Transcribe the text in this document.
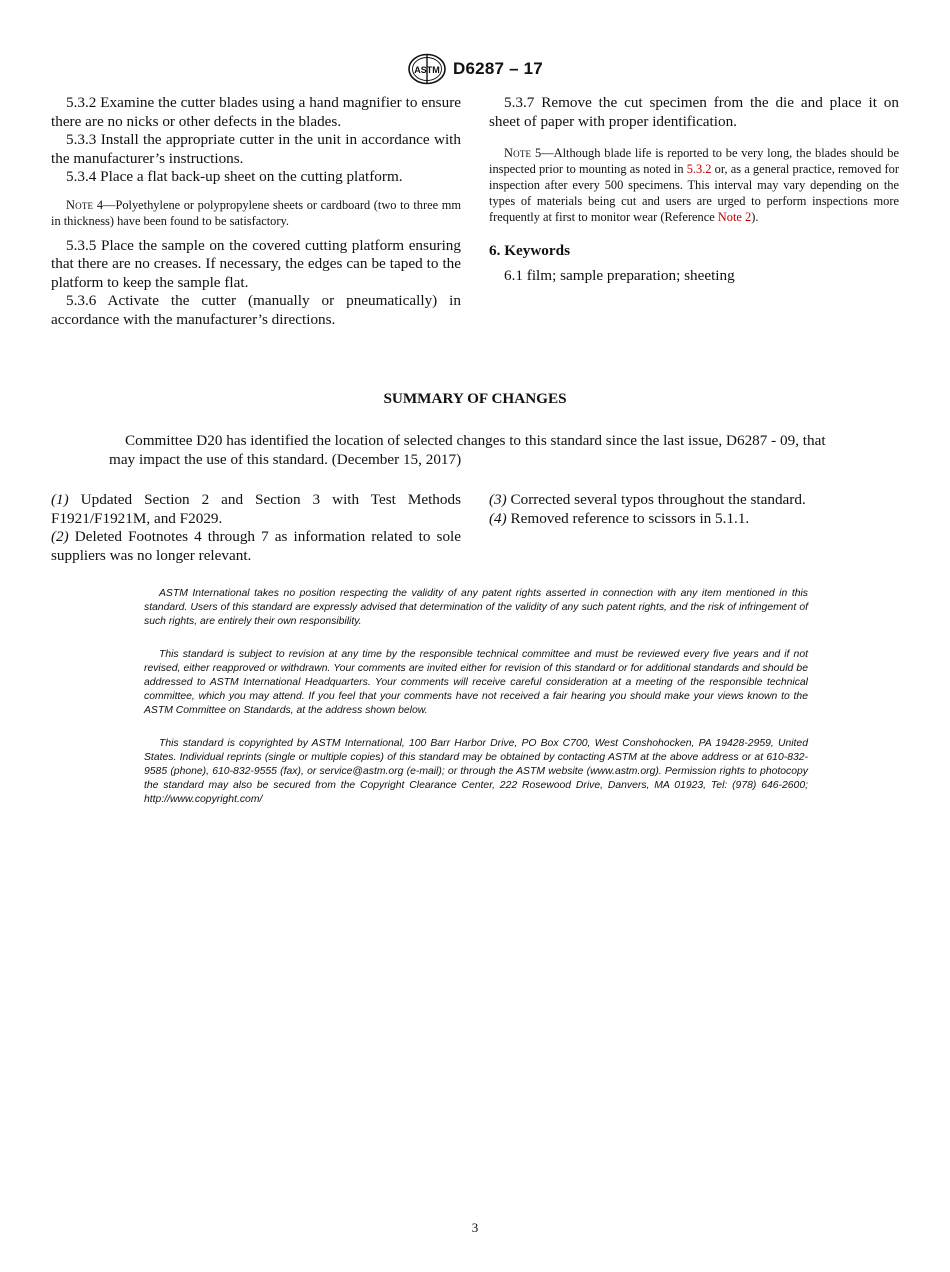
ASTM D6287 – 17

5.3.2 Examine the cutter blades using a hand magnifier to ensure there are no nicks or other defects in the blades.

5.3.3 Install the appropriate cutter in the unit in accordance with the manufacturer’s instructions.

5.3.4 Place a flat back-up sheet on the cutting platform.

Note 4—Polyethylene or polypropylene sheets or cardboard (two to three mm in thickness) have been found to be satisfactory.

5.3.5 Place the sample on the covered cutting platform ensuring that there are no creases. If necessary, the edges can be taped to the platform to keep the sample flat.

5.3.6 Activate the cutter (manually or pneumatically) in accordance with the manufacturer’s directions.

5.3.7 Remove the cut specimen from the die and place it on sheet of paper with proper identification.

Note 5—Although blade life is reported to be very long, the blades should be inspected prior to mounting as noted in 5.3.2 or, as a general practice, removed for inspection after every 500 specimens. This interval may vary depending on the types of materials being cut and users are urged to perform inspections more frequently at first to monitor wear (Reference Note 2).

6. Keywords

6.1 film; sample preparation; sheeting

SUMMARY OF CHANGES

Committee D20 has identified the location of selected changes to this standard since the last issue, D6287 - 09, that may impact the use of this standard. (December 15, 2017)

(1) Updated Section 2 and Section 3 with Test Methods F1921/F1921M, and F2029.

(2) Deleted Footnotes 4 through 7 as information related to sole suppliers was no longer relevant.

(3) Corrected several typos throughout the standard.

(4) Removed reference to scissors in 5.1.1.

ASTM International takes no position respecting the validity of any patent rights asserted in connection with any item mentioned in this standard. Users of this standard are expressly advised that determination of the validity of any such patent rights, and the risk of infringement of such rights, are entirely their own responsibility.

This standard is subject to revision at any time by the responsible technical committee and must be reviewed every five years and if not revised, either reapproved or withdrawn. Your comments are invited either for revision of this standard or for additional standards and should be addressed to ASTM International Headquarters. Your comments will receive careful consideration at a meeting of the responsible technical committee, which you may attend. If you feel that your comments have not received a fair hearing you should make your views known to the ASTM Committee on Standards, at the address shown below.

This standard is copyrighted by ASTM International, 100 Barr Harbor Drive, PO Box C700, West Conshohocken, PA 19428-2959, United States. Individual reprints (single or multiple copies) of this standard may be obtained by contacting ASTM at the above address or at 610-832-9585 (phone), 610-832-9555 (fax), or service@astm.org (e-mail); or through the ASTM website (www.astm.org). Permission rights to photocopy the standard may also be secured from the Copyright Clearance Center, 222 Rosewood Drive, Danvers, MA 01923, Tel: (978) 646-2600; http://www.copyright.com/

3
